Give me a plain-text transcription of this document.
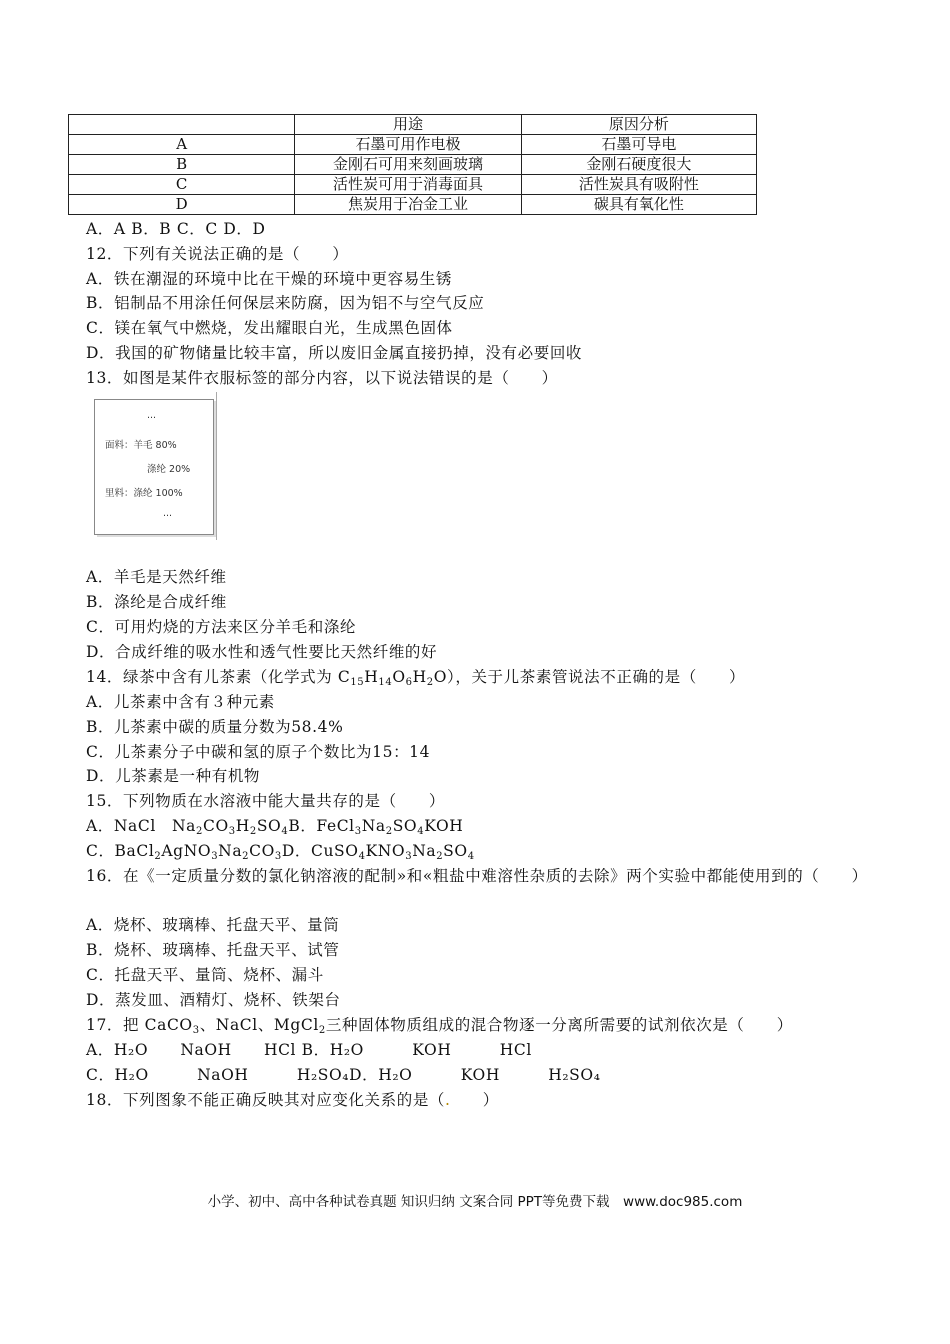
	用途	原因分析
A	石墨可用作电极	石墨可导电
B	金刚石可用来刻画玻璃	金刚石硬度很大
C	活性炭可用于消毒面具	活性炭具有吸附性
D	焦炭用于冶金工业	碳具有氧化性
A．A B．B C．C D．D
12．下列有关说法正确的是（　　）
A．铁在潮湿的环境中比在干燥的环境中更容易生锈
B．铝制品不用涂任何保层来防腐，因为铝不与空气反应
C．镁在氧气中燃烧，发出耀眼白光，生成黑色固体
D．我国的矿物储量比较丰富，所以废旧金属直接扔掉，没有必要回收
13．如图是某件衣服标签的部分内容，以下说法错误的是（　　）
...
面料：羊毛 80%
涤纶 20%
里料：涤纶 100%
...
A．羊毛是天然纤维
B．涤纶是合成纤维
C．可用灼烧的方法来区分羊毛和涤纶
D．合成纤维的吸水性和透气性要比天然纤维的好
14．绿茶中含有儿茶素（化学式为 $C_{15}H_{14}O_6H_2O$），关于儿茶素管说法不正确的是（　　）
A．儿茶素中含有３种元素
B．儿茶素中碳的质量分数为58.4%
C．儿茶素分子中碳和氢的原子个数比为15：14
D．儿茶素是一种有机物
15．下列物质在水溶液中能大量共存的是（　　）
A．NaCl　$Na_2CO_3H_2SO_4B$．$FeCl_3Na_2SO_4KOH$
C．$BaCl_2AgNO_3Na_2CO_3D$．$CuSO_4KNO_3Na_2SO_4$
16．在《一定质量分数的氯化钠溶液的配制»和«粗盐中难溶性杂质的去除》两个实验中都能使用到的（　　）
A．烧杯、玻璃棒、托盘天平、量筒
B．烧杯、玻璃棒、托盘天平、试管
C．托盘天平、量筒、烧杯、漏斗
D．蒸发皿、酒精灯、烧杯、铁架台
17．把 CaCO$_3$、NaCl、MgCl$_2$三种固体物质组成的混合物逐一分离所需要的试剂依次是（　　）
A．H₂O　　NaOH　　HCl B．H₂O　　　KOH　　　HCl
C．H₂O　　　NaOH　　　H₂SO₄D．H₂O　　　KOH　　　H₂SO₄
18．下列图象不能正确反映其对应变化关系的是（.　　）
小学、初中、高中各种试卷真题 知识归纳 文案合同 PPT等免费下载　www.doc985.com
